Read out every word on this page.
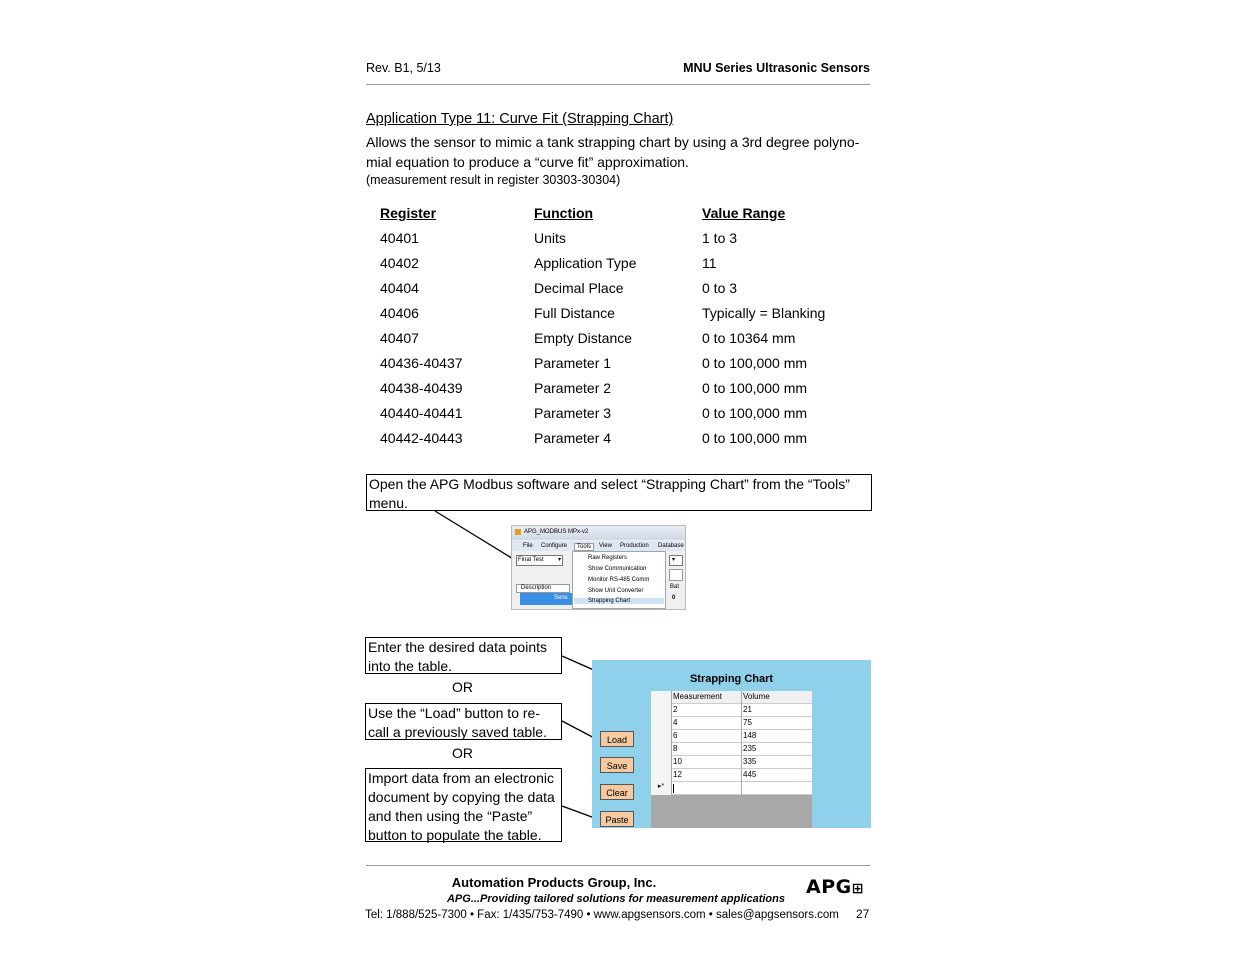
Rev. B1, 5/13	MNU Series Ultrasonic Sensors
Application Type 11: Curve Fit (Strapping Chart)
Allows the sensor to mimic a tank strapping chart by using a 3rd degree polyno-mial equation to produce a “curve fit” approximation.
(measurement result in register 30303-30304)
Register	Function	Value Range
40401	Units	1 to 3
40402	Application Type	11
40404	Decimal Place	0 to 3
40406	Full Distance	Typically = Blanking
40407	Empty Distance	0 to 10364 mm
40436-40437	Parameter 1	0 to 100,000 mm
40438-40439	Parameter 2	0 to 100,000 mm
40440-40441	Parameter 3	0 to 100,000 mm
40442-40443	Parameter 4	0 to 100,000 mm
Open the APG Modbus software and select “Strapping Chart” from the “Tools” menu.
APG_MODBUS MPx-v2
File Configure	Tools	View Production Database
Final Test ▾
Description
Sens
Raw Registers
Show Communication
Monitor RS-485 Comm
Show Unit Converter
Strapping Chart
▾
Bat
0
Enter the desired data points into the table.
OR
Use the “Load” button to re-call a previously saved table.
OR
Import data from an electronic document by copying the data and then using the “Paste” button to populate the table.
Strapping Chart
Measurement	Volume
2	21
4	75
6	148
8	235
10	335
12	445
▸*
Load
Save
Clear
Paste
Automation Products Group, Inc.	APG⊞
APG...Providing tailored solutions for measurement applications
Tel: 1/888/525-7300 • Fax: 1/435/753-7490 • www.apgsensors.com • sales@apgsensors.com 27
